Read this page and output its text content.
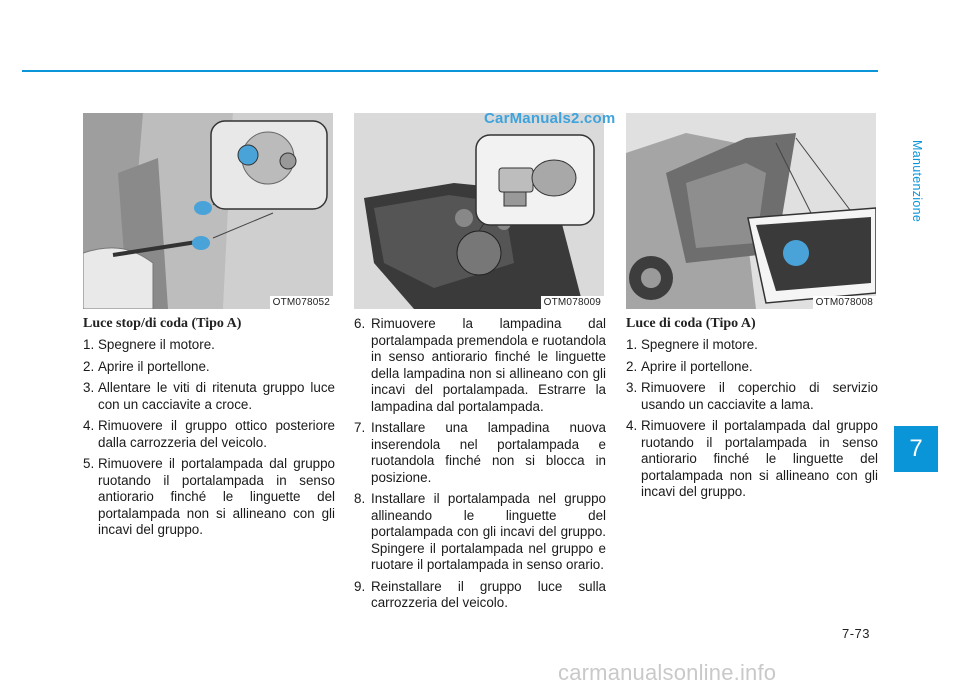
OTM078052	OTM078009
CarManuals2.com
OTM078008
Luce stop/di coda (Tipo A)
1. Spegnere il motore.
2. Aprire il portellone.
3. Allentare le viti di ritenuta gruppo luce con un cacciavite a croce.
4. Rimuovere il gruppo ottico posteriore dalla carrozzeria del veicolo.
5. Rimuovere il portalampada dal gruppo ruotando il portalampada in senso antiorario finché le linguette del portalampada non si allineano con gli incavi del gruppo.
6. Rimuovere la lampadina dal portalampada premendola e ruotandola in senso antiorario finché le linguette della lampadina non si allineano con gli incavi del portalampada. Estrarre la lampadina dal portalampada.
7. Installare una lampadina nuova inserendola nel portalampada e ruotandola finché non si blocca in posizione.
8. Installare il portalampada nel gruppo allineando le linguette del portalampada con gli incavi del gruppo. Spingere il portalampada nel gruppo e ruotare il portalampada in senso orario.
9. Reinstallare il gruppo luce sulla carrozzeria del veicolo.
Luce di coda (Tipo A)
1. Spegnere il motore.
2. Aprire il portellone.
3. Rimuovere il coperchio di servizio usando un cacciavite a lama.
4. Rimuovere il portalampada dal gruppo ruotando il portalampada in senso antiorario finché le linguette del portalampada non si allineano con gli incavi del gruppo.
Manutenzione
7
7-73
carmanualsonline.info
